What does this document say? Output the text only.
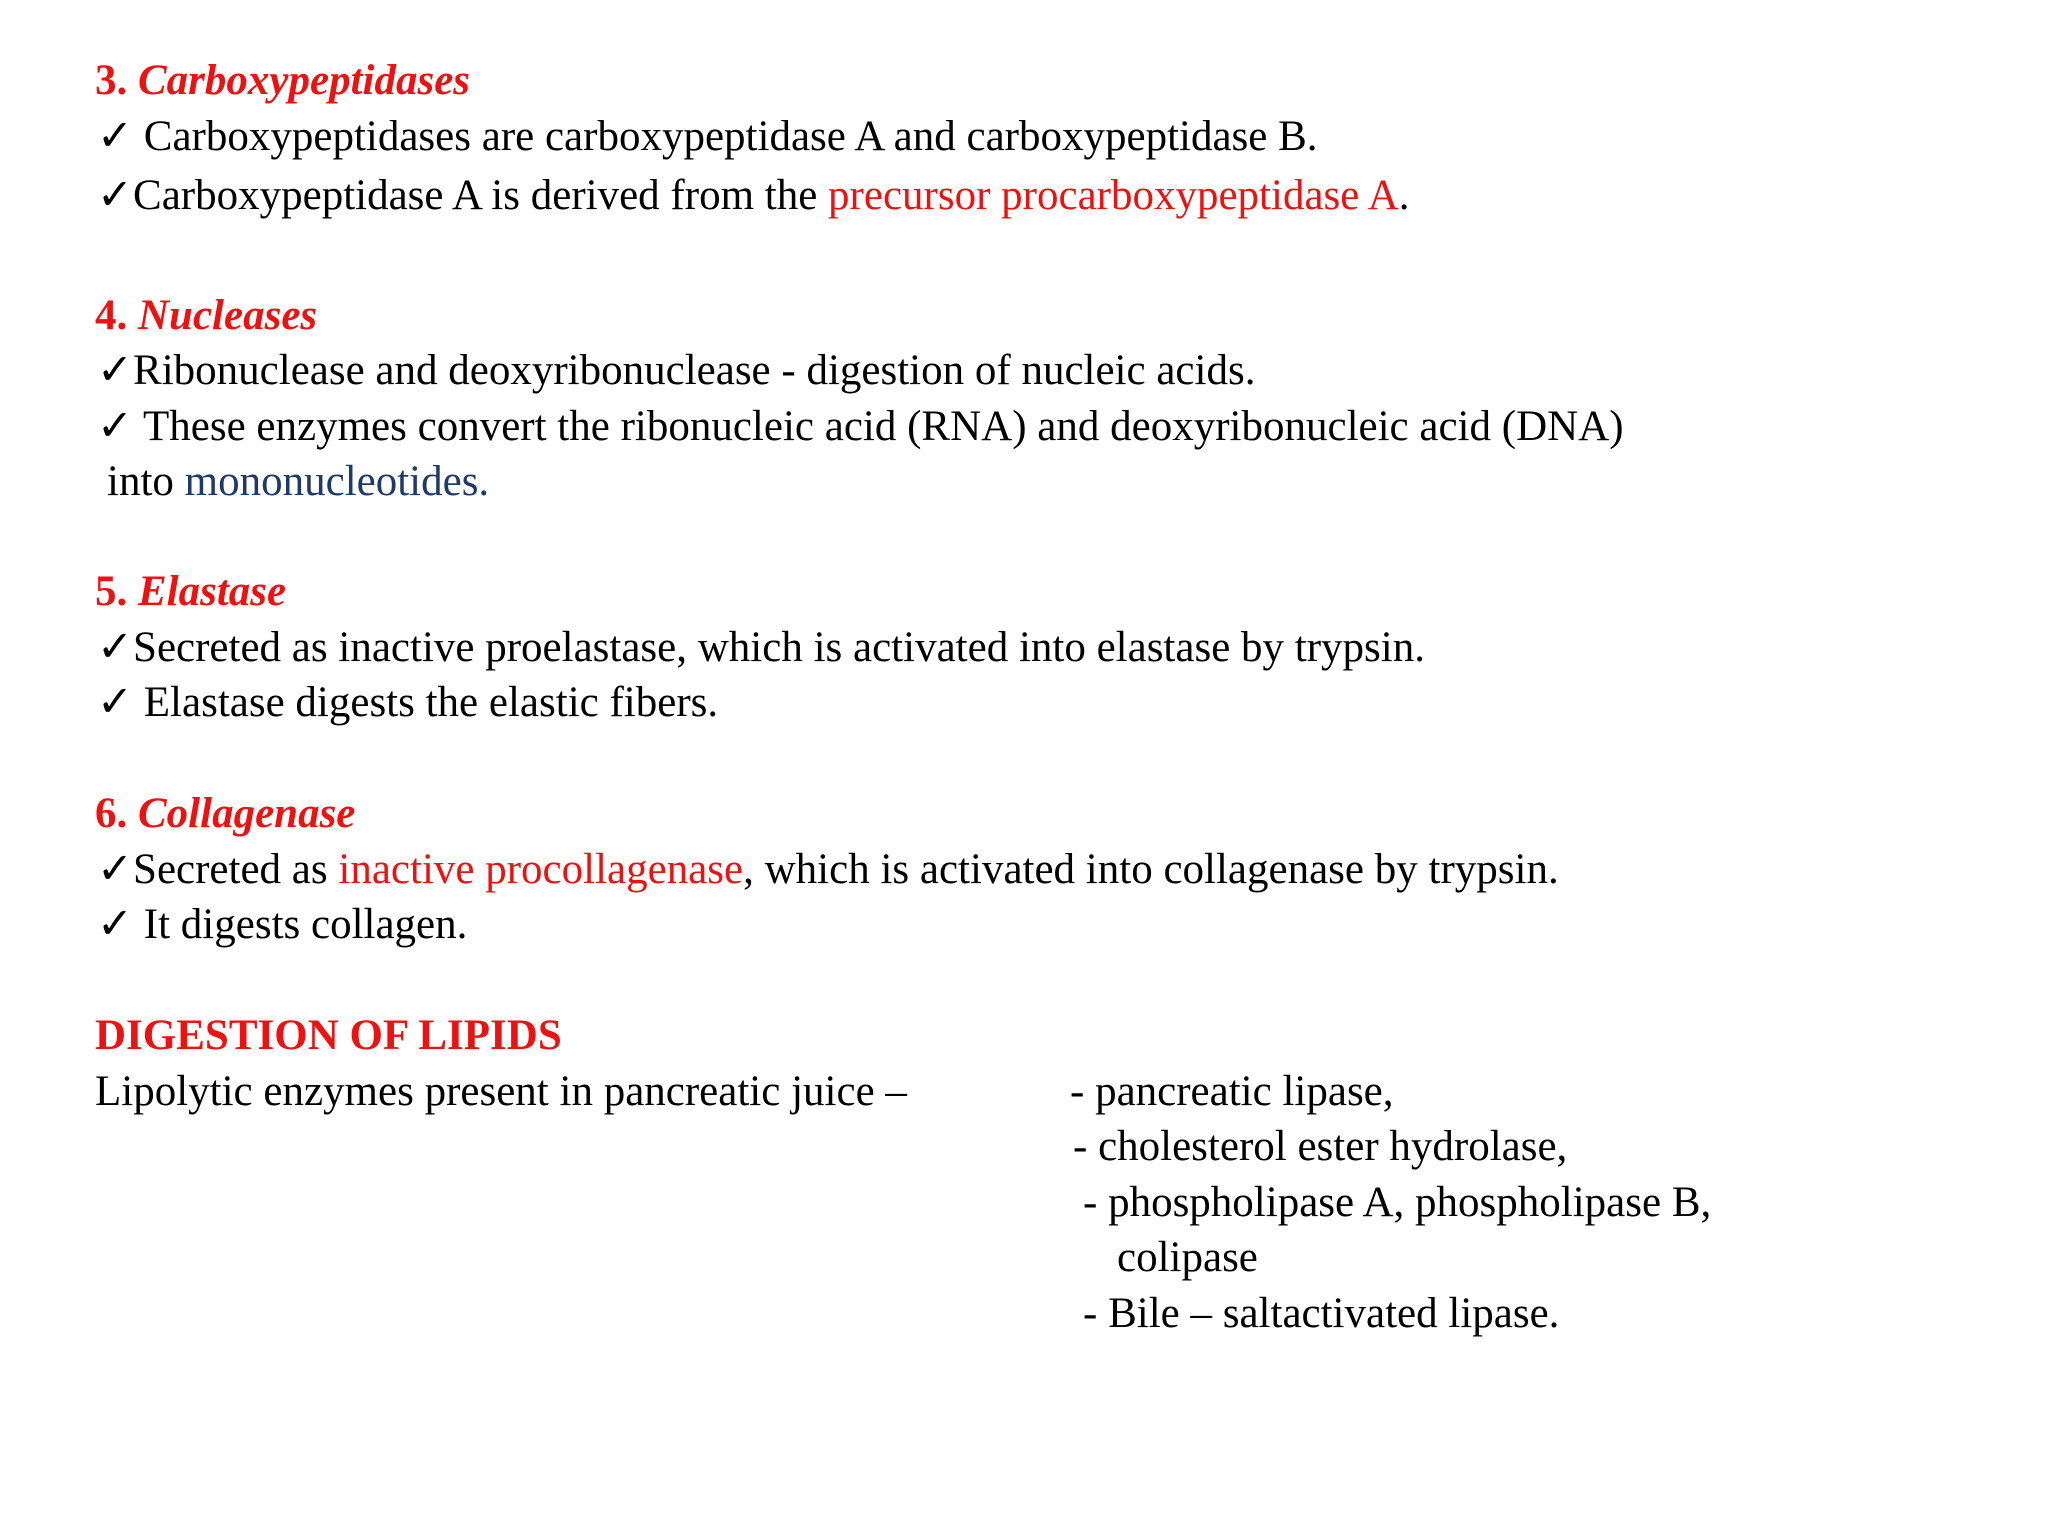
3. Carboxypeptidases
✓ Carboxypeptidases are carboxypeptidase A and carboxypeptidase B.
✓Carboxypeptidase A is derived from the precursor procarboxypeptidase A.
4. Nucleases
✓Ribonuclease and deoxyribonuclease - digestion of nucleic acids.
✓ These enzymes convert the ribonucleic acid (RNA) and deoxyribonucleic acid (DNA)
into mononucleotides.
5. Elastase
✓Secreted as inactive proelastase, which is activated into elastase by trypsin.
✓ Elastase digests the elastic fibers.
6. Collagenase
✓Secreted as inactive procollagenase, which is activated into collagenase by trypsin.
✓ It digests collagen.
DIGESTION OF LIPIDS
Lipolytic enzymes present in pancreatic juice –	- pancreatic lipase,
- cholesterol ester hydrolase,
- phospholipase A, phospholipase B,
colipase
- Bile – saltactivated lipase.
